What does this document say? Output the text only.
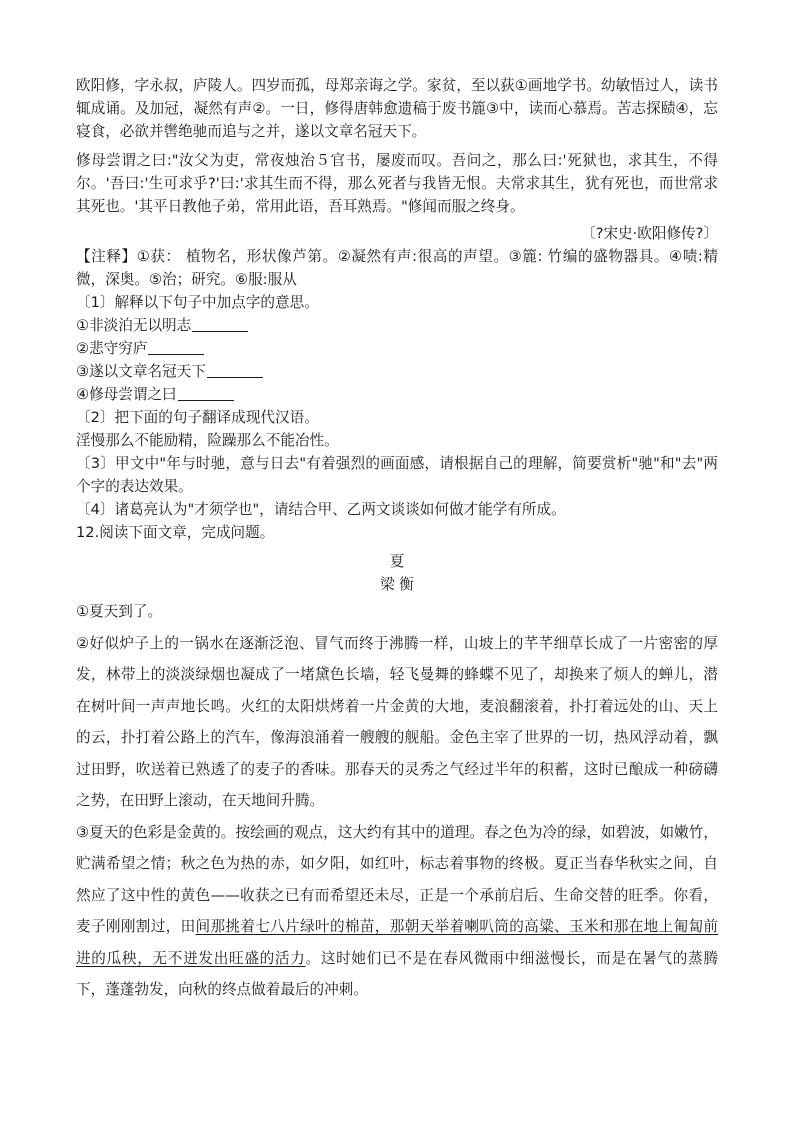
欧阳修，字永叔，庐陵人。四岁而孤，母郑亲诲之学。家贫，至以荻①画地学书。幼敏悟过人，读书辄成诵。及加冠，凝然有声②。一日，修得唐韩愈遗稿于废书簏③中，读而心慕焉。苦志探赜④，忘寝食，必欲并辔绝驰而追与之并，遂以文章名冠天下。

修母尝谓之曰:"汝父为吏，常夜烛治５官书，屡废而叹。吾问之，那么曰:'死狱也，求其生，不得尔。'吾曰:'生可求乎?'曰:'求其生而不得，那么死者与我皆无恨。夫常求其生，犹有死也，而世常求其死也。'其平日教他子弟，常用此语，吾耳熟焉。"修闻而服之终身。

〔?宋史·欧阳修传?〕

【注释】①获： 植物名，形状像芦第。②凝然有声:很高的声望。③簏: 竹编的盛物器具。④啧:精微，深奥。⑤治；研究。⑥服:服从

〔1〕解释以下句子中加点字的意思。

①非淡泊无以明志

②悲守穷庐

③遂以文章名冠天下

④修母尝谓之曰

〔2〕把下面的句子翻译成现代汉语。

淫慢那么不能励精，险躁那么不能冶性。

〔3〕甲文中"年与时驰，意与日去"有着强烈的画面感，请根据自己的理解，简要赏析"驰"和"去"两个字的表达效果。

〔4〕诸葛亮认为"才须学也"，请结合甲、乙两文谈谈如何做才能学有所成。

12.阅读下面文章，完成问题。

夏

梁 衡

①夏天到了。

②好似炉子上的一锅水在逐渐泛泡、冒气而终于沸腾一样，山坡上的芊芊细草长成了一片密密的厚发，林带上的淡淡绿烟也凝成了一堵黛色长墙，轻飞曼舞的蜂蝶不见了，却换来了烦人的蝉儿，潜在树叶间一声声地长鸣。火红的太阳烘烤着一片金黄的大地，麦浪翻滚着，扑打着远处的山、天上的云，扑打着公路上的汽车，像海浪涌着一艘艘的舰船。金色主宰了世界的一切，热风浮动着，飘过田野，吹送着已熟透了的麦子的香味。那春天的灵秀之气经过半年的积蓄，这时已酿成一种磅礴之势，在田野上滚动，在天地间升腾。

③夏天的色彩是金黄的。按绘画的观点，这大约有其中的道理。春之色为冷的绿，如碧波，如嫩竹，贮满希望之情；秋之色为热的赤，如夕阳，如红叶，标志着事物的终极。夏正当春华秋实之间，自然应了这中性的黄色——收获之已有而希望还未尽，正是一个承前启后、生命交替的旺季。你看，麦子刚刚割过，田间那挑着七八片绿叶的棉苗，那朝天举着喇叭筒的高粱、玉米和那在地上匍匐前进的瓜秧，无不迸发出旺盛的活力。这时她们已不是在春风微雨中细滋慢长，而是在暑气的蒸腾下，蓬蓬勃发，向秋的终点做着最后的冲刺。
